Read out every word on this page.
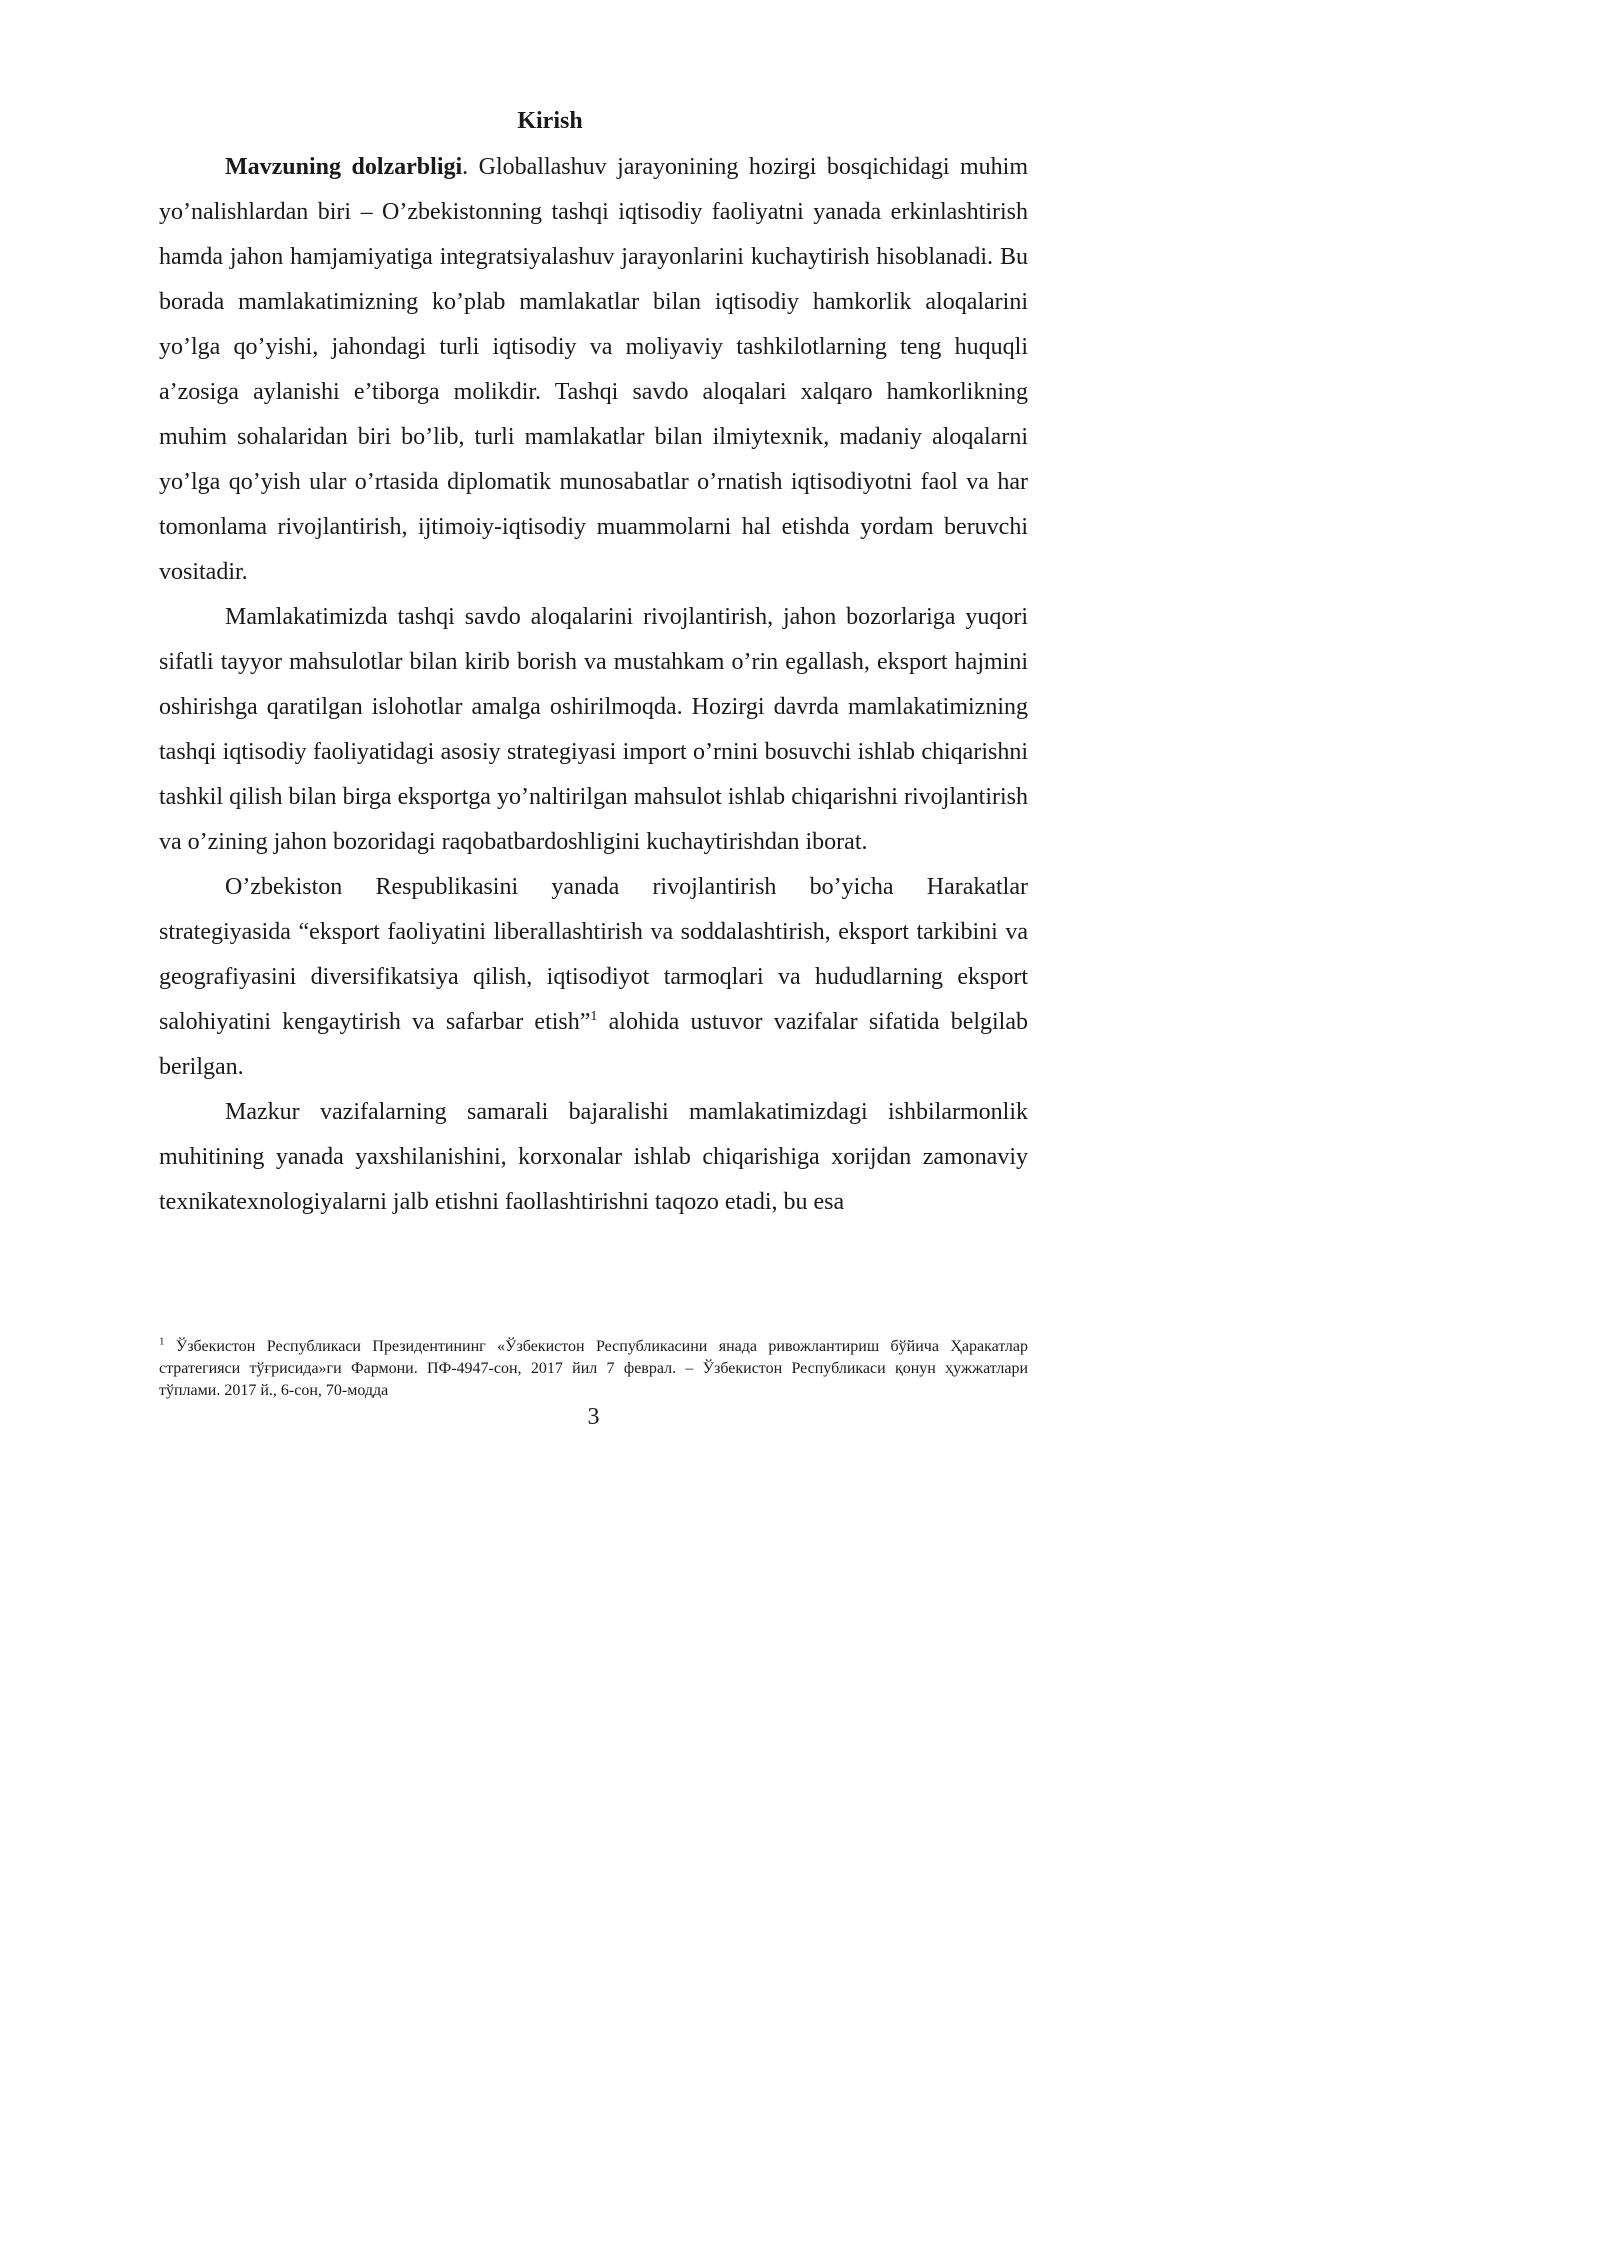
Kirish

Mavzuning dolzarbligi. Globallashuv jarayonining hozirgi bosqichidagi muhim yo’nalishlardan biri – O’zbekistonning tashqi iqtisodiy faoliyatni yanada erkinlashtirish hamda jahon hamjamiyatiga integratsiyalashuv jarayonlarini kuchaytirish hisoblanadi. Bu borada mamlakatimizning ko’plab mamlakatlar bilan iqtisodiy hamkorlik aloqalarini yo’lga qo’yishi, jahondagi turli iqtisodiy va moliyaviy tashkilotlarning teng huquqli a’zosiga aylanishi e’tiborga molikdir. Tashqi savdo aloqalari xalqaro hamkorlikning muhim sohalaridan biri bo’lib, turli mamlakatlar bilan ilmiytexnik, madaniy aloqalarni yo’lga qo’yish ular o’rtasida diplomatik munosabatlar o’rnatish iqtisodiyotni faol va har tomonlama rivojlantirish, ijtimoiy-iqtisodiy muammolarni hal etishda yordam beruvchi vositadir.

Mamlakatimizda tashqi savdo aloqalarini rivojlantirish, jahon bozorlariga yuqori sifatli tayyor mahsulotlar bilan kirib borish va mustahkam o’rin egallash, eksport hajmini oshirishga qaratilgan islohotlar amalga oshirilmoqda. Hozirgi davrda mamlakatimizning tashqi iqtisodiy faoliyatidagi asosiy strategiyasi import o’rnini bosuvchi ishlab chiqarishni tashkil qilish bilan birga eksportga yo’naltirilgan mahsulot ishlab chiqarishni rivojlantirish va o’zining jahon bozoridagi raqobatbardoshligini kuchaytirishdan iborat.

O’zbekiston Respublikasini yanada rivojlantirish bo’yicha Harakatlar strategiyasida “eksport faoliyatini liberallashtirish va soddalashtirish, eksport tarkibini va geografiyasini diversifikatsiya qilish, iqtisodiyot tarmoqlari va hududlarning eksport salohiyatini kengaytirish va safarbar etish”$^1$ alohida ustuvor vazifalar sifatida belgilab berilgan.

Mazkur vazifalarning samarali bajaralishi mamlakatimizdagi ishbilarmonlik muhitining yanada yaxshilanishini, korxonalar ishlab chiqarishiga xorijdan zamonaviy texnikatexnologiyalarni jalb etishni faollashtirishni taqozo etadi, bu esa

$^1$ Ўзбекистон Республикаси Президентининг «Ўзбекистон Республикасини янада ривожлантириш бўйича Ҳаракатлар стратегияси тўғрисида»ги Фармони. ПФ-4947-сон, 2017 йил 7 феврал. – Ўзбекистон Республикаси қонун ҳужжатлари тўплами. 2017 й., 6-сон, 70-модда

3
